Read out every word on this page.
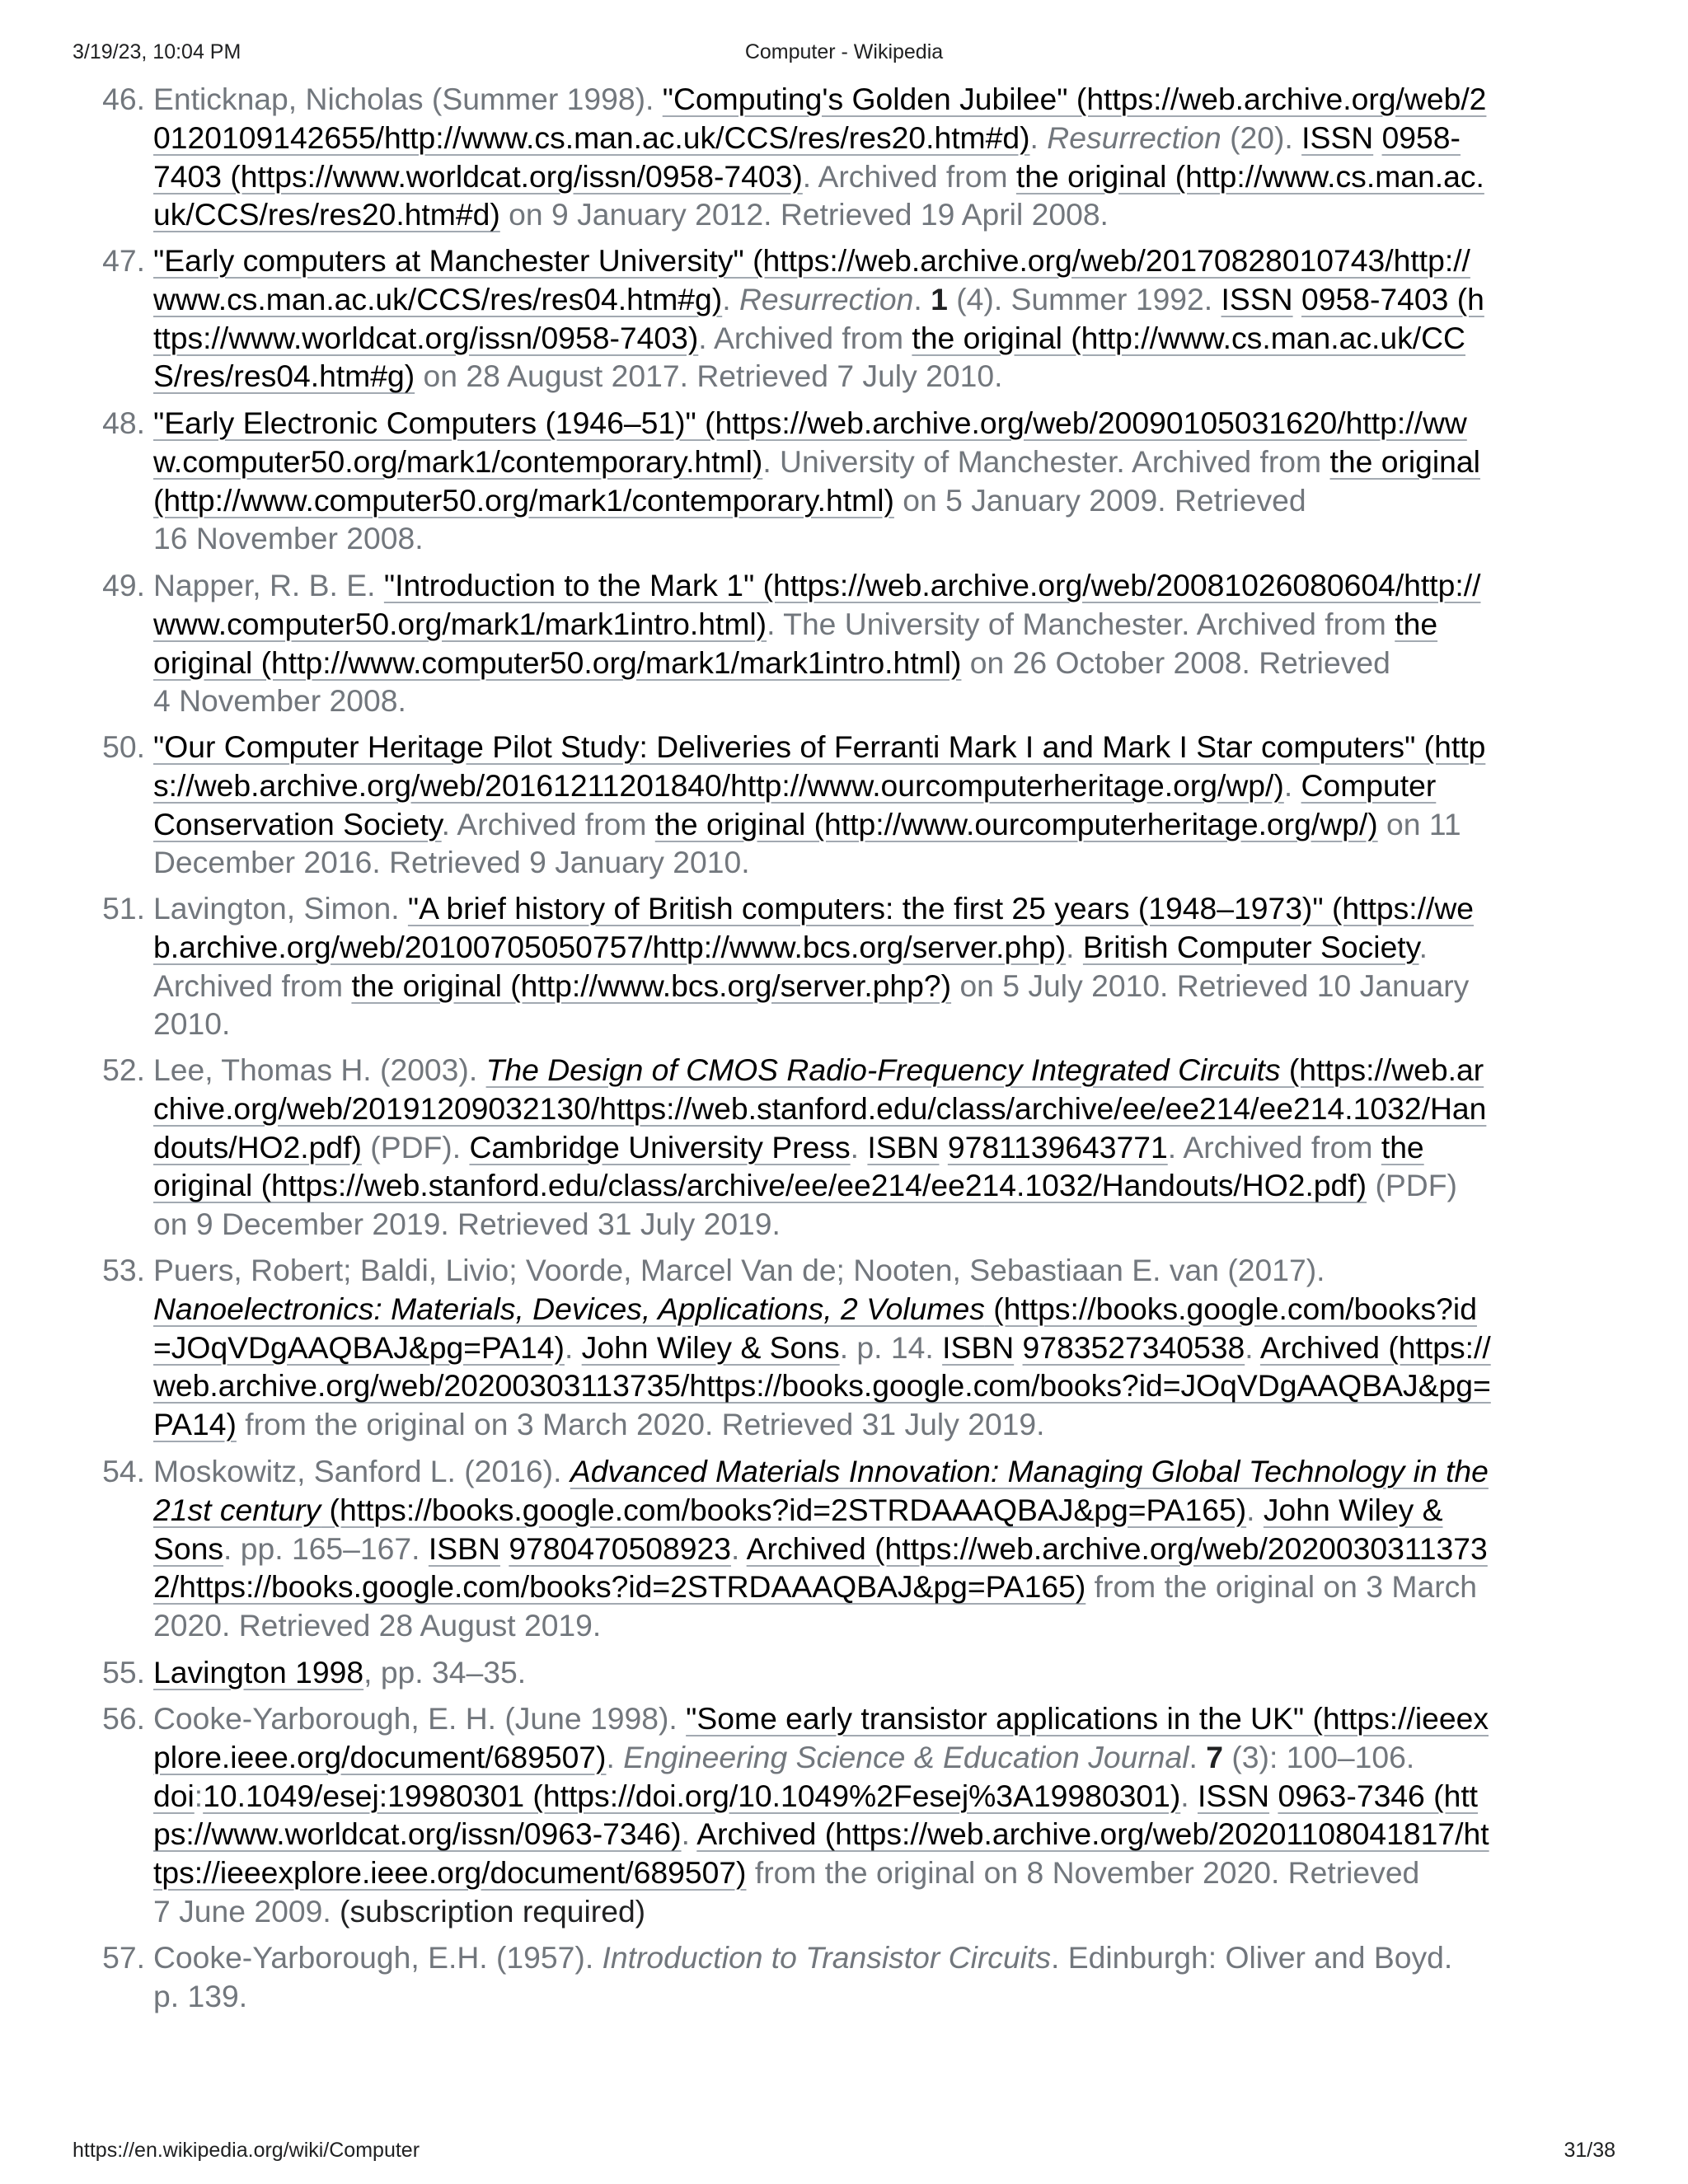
3/19/23, 10:04 PM	Computer - Wikipedia
46. Enticknap, Nicholas (Summer 1998). "Computing's Golden Jubilee" (https://web.archive.org/web/2
0120109142655/http://www.cs.man.ac.uk/CCS/res/res20.htm#d). Resurrection (20). ISSN 0958-
7403 (https://www.worldcat.org/issn/0958-7403). Archived from the original (http://www.cs.man.ac.
uk/CCS/res/res20.htm#d) on 9 January 2012. Retrieved 19 April 2008.
47. "Early computers at Manchester University" (https://web.archive.org/web/20170828010743/http://
www.cs.man.ac.uk/CCS/res/res04.htm#g). Resurrection. 1 (4). Summer 1992. ISSN 0958-7403 (h
ttps://www.worldcat.org/issn/0958-7403). Archived from the original (http://www.cs.man.ac.uk/CC
S/res/res04.htm#g) on 28 August 2017. Retrieved 7 July 2010.
48. "Early Electronic Computers (1946–51)" (https://web.archive.org/web/20090105031620/http://ww
w.computer50.org/mark1/contemporary.html). University of Manchester. Archived from the original
(http://www.computer50.org/mark1/contemporary.html) on 5 January 2009. Retrieved
16 November 2008.
49. Napper, R. B. E. "Introduction to the Mark 1" (https://web.archive.org/web/20081026080604/http://
www.computer50.org/mark1/mark1intro.html). The University of Manchester. Archived from the
original (http://www.computer50.org/mark1/mark1intro.html) on 26 October 2008. Retrieved
4 November 2008.
50. "Our Computer Heritage Pilot Study: Deliveries of Ferranti Mark I and Mark I Star computers" (http
s://web.archive.org/web/20161211201840/http://www.ourcomputerheritage.org/wp/). Computer
Conservation Society. Archived from the original (http://www.ourcomputerheritage.org/wp/) on 11
December 2016. Retrieved 9 January 2010.
51. Lavington, Simon. "A brief history of British computers: the first 25 years (1948–1973)" (https://we
b.archive.org/web/20100705050757/http://www.bcs.org/server.php). British Computer Society.
Archived from the original (http://www.bcs.org/server.php?) on 5 July 2010. Retrieved 10 January
2010.
52. Lee, Thomas H. (2003). The Design of CMOS Radio-Frequency Integrated Circuits (https://web.ar
chive.org/web/20191209032130/https://web.stanford.edu/class/archive/ee/ee214/ee214.1032/Han
douts/HO2.pdf) (PDF). Cambridge University Press. ISBN 9781139643771. Archived from the
original (https://web.stanford.edu/class/archive/ee/ee214/ee214.1032/Handouts/HO2.pdf) (PDF)
on 9 December 2019. Retrieved 31 July 2019.
53. Puers, Robert; Baldi, Livio; Voorde, Marcel Van de; Nooten, Sebastiaan E. van (2017).
Nanoelectronics: Materials, Devices, Applications, 2 Volumes (https://books.google.com/books?id
=JOqVDgAAQBAJ&pg=PA14). John Wiley & Sons. p. 14. ISBN 9783527340538. Archived (https://
web.archive.org/web/20200303113735/https://books.google.com/books?id=JOqVDgAAQBAJ&pg=
PA14) from the original on 3 March 2020. Retrieved 31 July 2019.
54. Moskowitz, Sanford L. (2016). Advanced Materials Innovation: Managing Global Technology in the
21st century (https://books.google.com/books?id=2STRDAAAQBAJ&pg=PA165). John Wiley &
Sons. pp. 165–167. ISBN 9780470508923. Archived (https://web.archive.org/web/2020030311373
2/https://books.google.com/books?id=2STRDAAAQBAJ&pg=PA165) from the original on 3 March
2020. Retrieved 28 August 2019.
55. Lavington 1998, pp. 34–35.
56. Cooke-Yarborough, E. H. (June 1998). "Some early transistor applications in the UK" (https://ieeex
plore.ieee.org/document/689507). Engineering Science & Education Journal. 7 (3): 100–106.
doi:10.1049/esej:19980301 (https://doi.org/10.1049%2Fesej%3A19980301). ISSN 0963-7346 (htt
ps://www.worldcat.org/issn/0963-7346). Archived (https://web.archive.org/web/20201108041817/ht
tps://ieeexplore.ieee.org/document/689507) from the original on 8 November 2020. Retrieved
7 June 2009. (subscription required)
57. Cooke-Yarborough, E.H. (1957). Introduction to Transistor Circuits. Edinburgh: Oliver and Boyd.
p. 139.
https://en.wikipedia.org/wiki/Computer	31/38
